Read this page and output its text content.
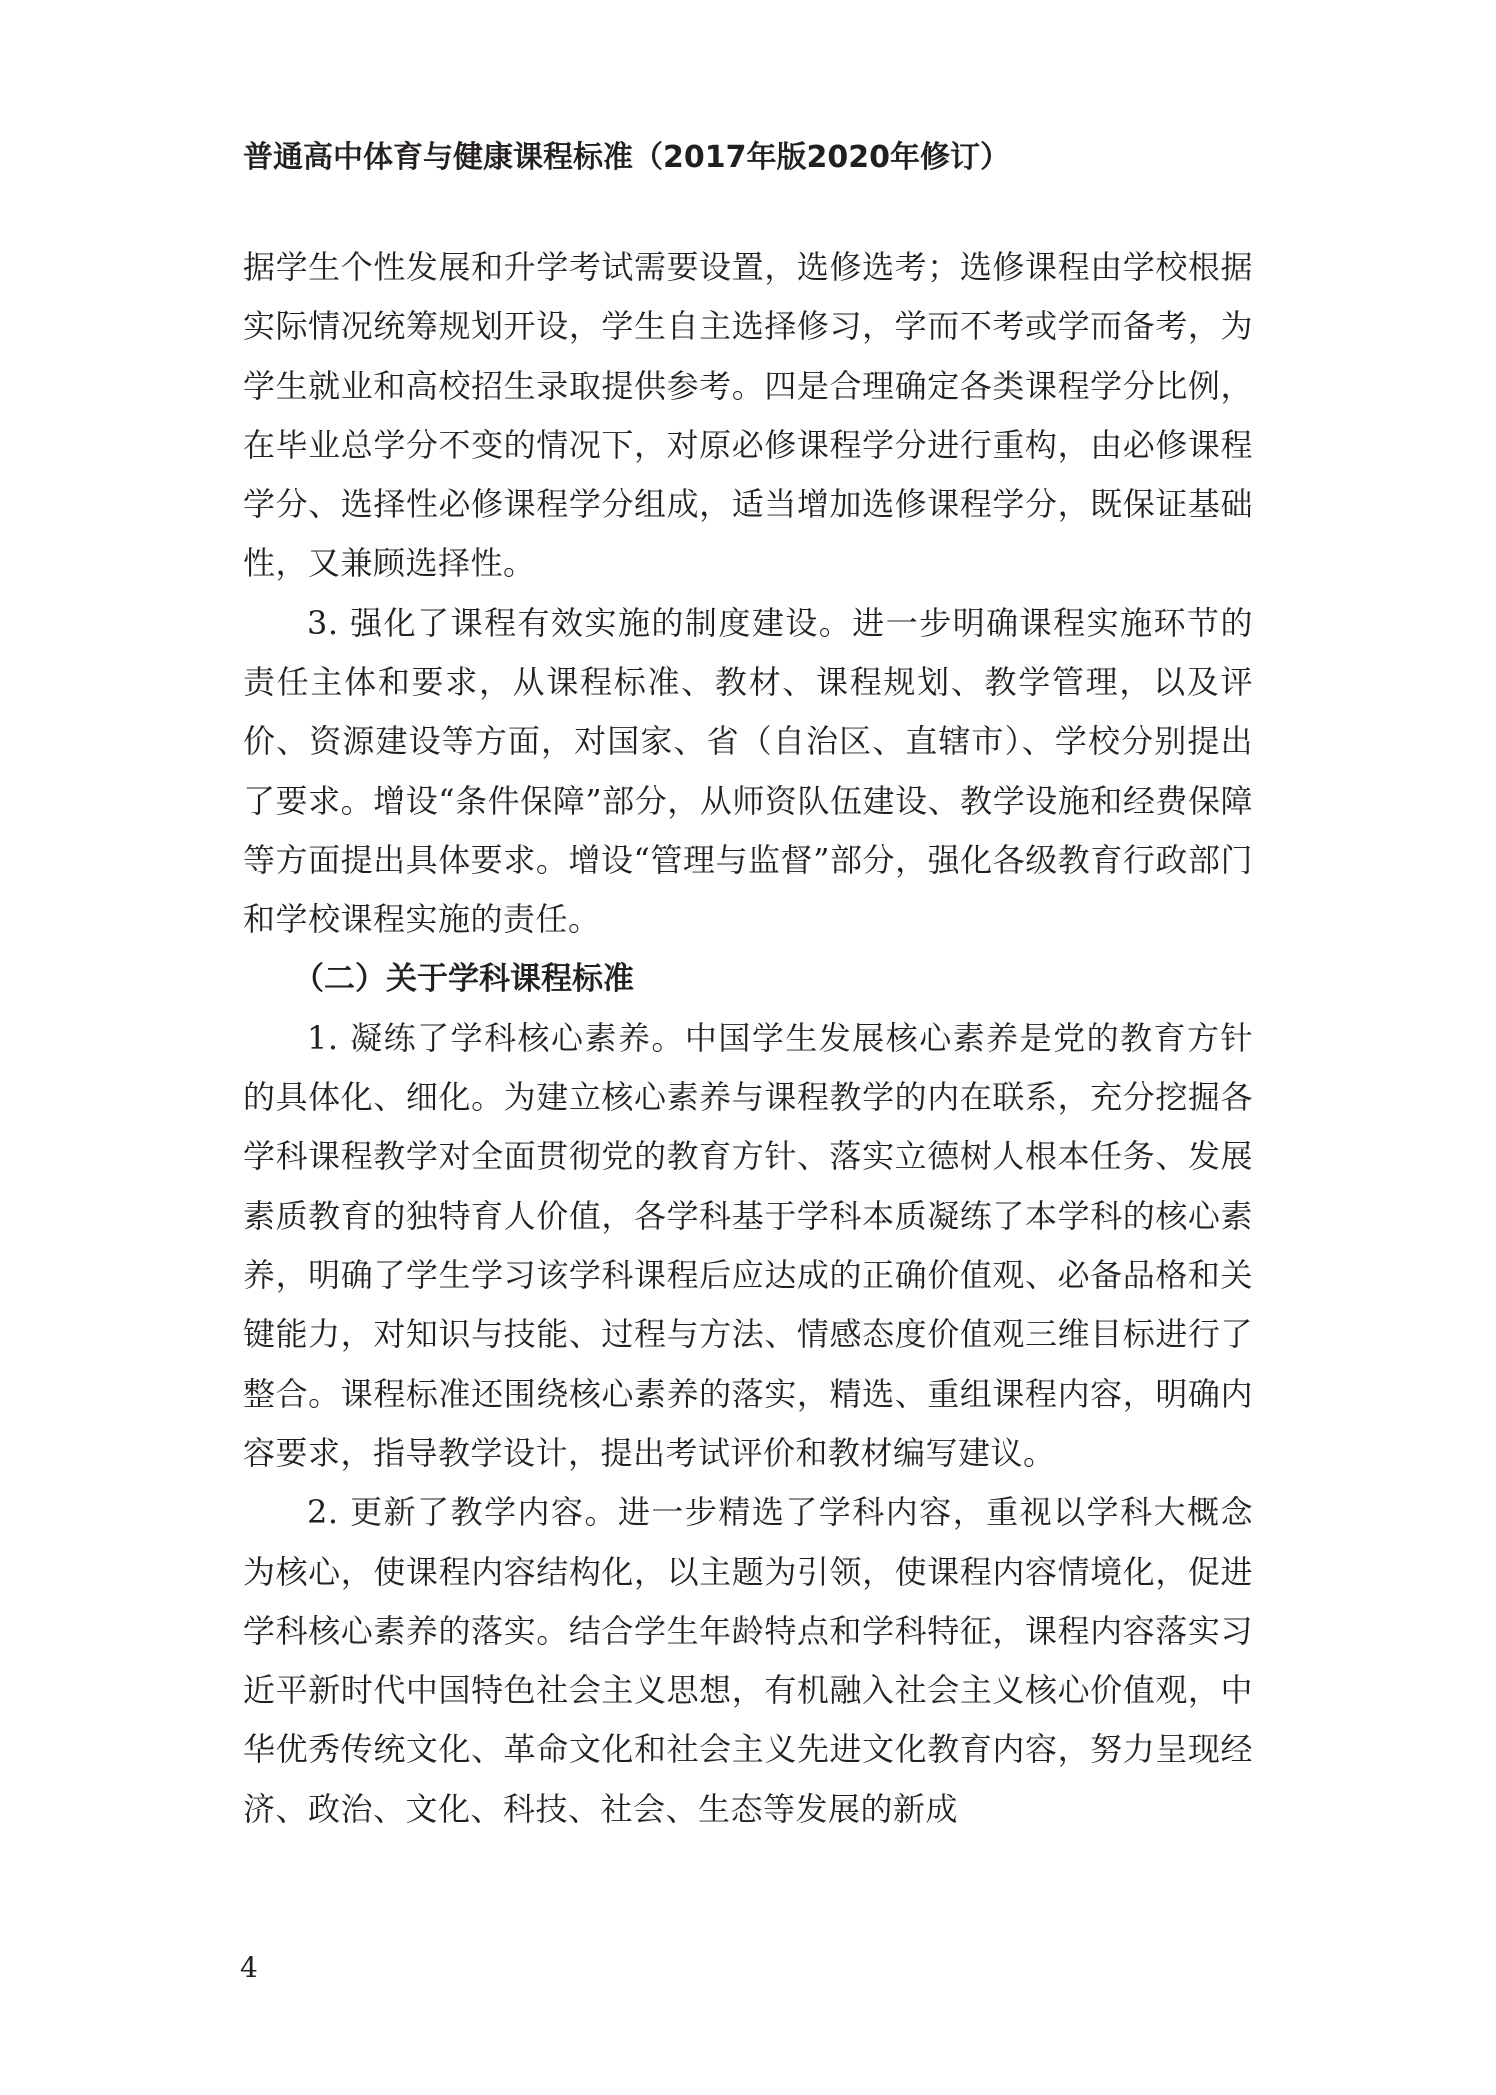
普通高中体育与健康课程标准（2017年版2020年修订）

据学生个性发展和升学考试需要设置，选修选考；选修课程由学校根据实际情况统筹规划开设，学生自主选择修习，学而不考或学而备考，为学生就业和高校招生录取提供参考。四是合理确定各类课程学分比例，在毕业总学分不变的情况下，对原必修课程学分进行重构，由必修课程学分、选择性必修课程学分组成，适当增加选修课程学分，既保证基础性，又兼顾选择性。

3. 强化了课程有效实施的制度建设。进一步明确课程实施环节的责任主体和要求，从课程标准、教材、课程规划、教学管理，以及评价、资源建设等方面，对国家、省（自治区、直辖市）、学校分别提出了要求。增设“条件保障”部分，从师资队伍建设、教学设施和经费保障等方面提出具体要求。增设“管理与监督”部分，强化各级教育行政部门和学校课程实施的责任。

（二）关于学科课程标准

1. 凝练了学科核心素养。中国学生发展核心素养是党的教育方针的具体化、细化。为建立核心素养与课程教学的内在联系，充分挖掘各学科课程教学对全面贯彻党的教育方针、落实立德树人根本任务、发展素质教育的独特育人价值，各学科基于学科本质凝练了本学科的核心素养，明确了学生学习该学科课程后应达成的正确价值观、必备品格和关键能力，对知识与技能、过程与方法、情感态度价值观三维目标进行了整合。课程标准还围绕核心素养的落实，精选、重组课程内容，明确内容要求，指导教学设计，提出考试评价和教材编写建议。

2. 更新了教学内容。进一步精选了学科内容，重视以学科大概念为核心，使课程内容结构化，以主题为引领，使课程内容情境化，促进学科核心素养的落实。结合学生年龄特点和学科特征，课程内容落实习近平新时代中国特色社会主义思想，有机融入社会主义核心价值观，中华优秀传统文化、革命文化和社会主义先进文化教育内容，努力呈现经济、政治、文化、科技、社会、生态等发展的新成

4
